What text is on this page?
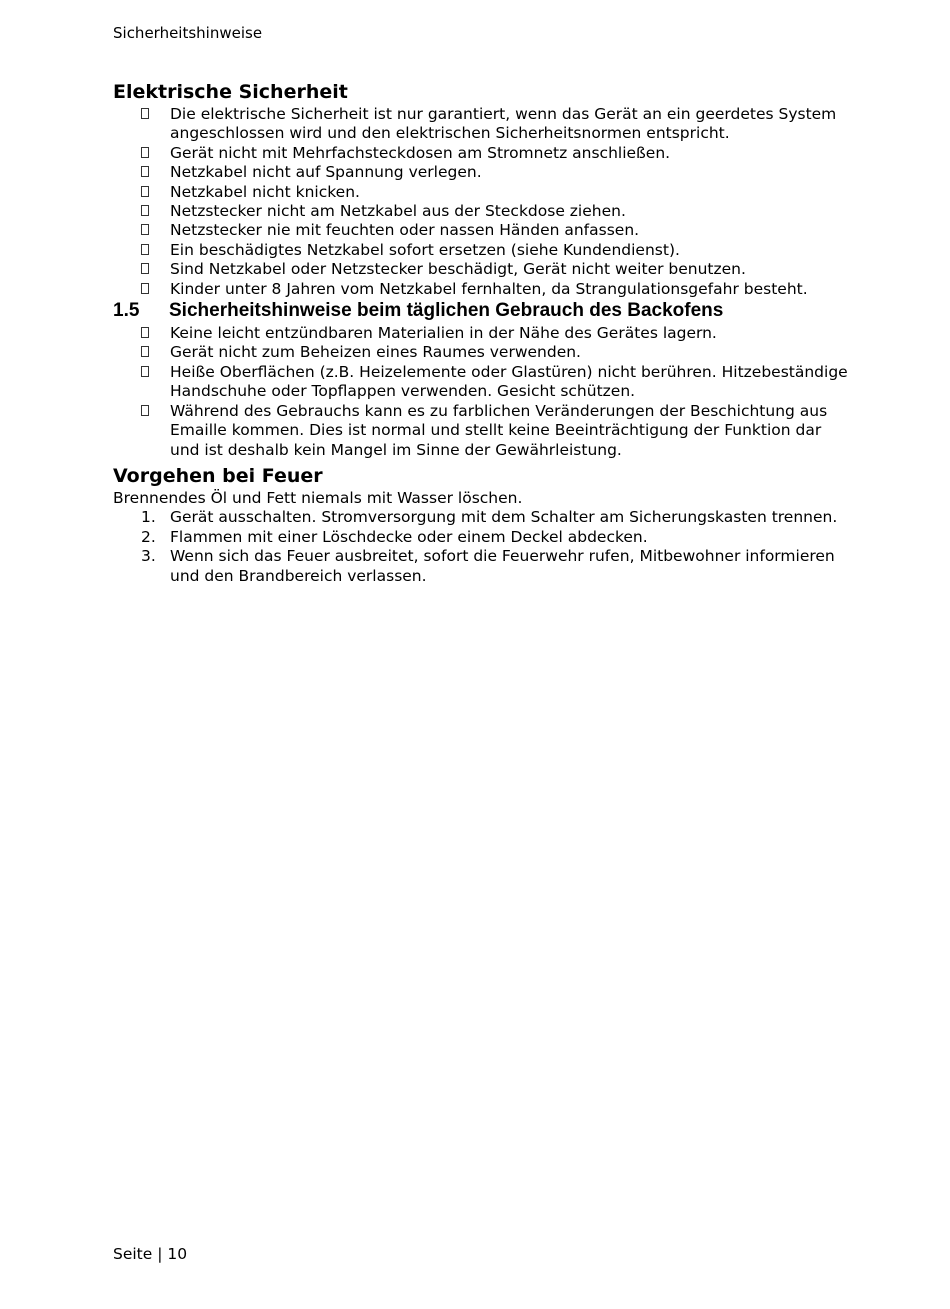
Sicherheitshinweise
Elektrische Sicherheit
Die elektrische Sicherheit ist nur garantiert, wenn das Gerät an ein geerdetes System angeschlossen wird und den elektrischen Sicherheitsnormen entspricht.
Gerät nicht mit Mehrfachsteckdosen am Stromnetz anschließen.
Netzkabel nicht auf Spannung verlegen.
Netzkabel nicht knicken.
Netzstecker nicht am Netzkabel aus der Steckdose ziehen.
Netzstecker nie mit feuchten oder nassen Händen anfassen.
Ein beschädigtes Netzkabel sofort ersetzen (siehe Kundendienst).
Sind Netzkabel oder Netzstecker beschädigt, Gerät nicht weiter benutzen.
Kinder unter 8 Jahren vom Netzkabel fernhalten, da Strangulationsgefahr besteht.
1.5	Sicherheitshinweise beim täglichen Gebrauch des Backofens
Keine leicht entzündbaren Materialien in der Nähe des Gerätes lagern.
Gerät nicht zum Beheizen eines Raumes verwenden.
Heiße Oberflächen (z.B. Heizelemente oder Glastüren) nicht berühren. Hitzebeständige Handschuhe oder Topflappen verwenden. Gesicht schützen.
Während des Gebrauchs kann es zu farblichen Veränderungen der Beschichtung aus Emaille kommen. Dies ist normal und stellt keine Beeinträchtigung der Funktion dar und ist deshalb kein Mangel im Sinne der Gewährleistung.
Vorgehen bei Feuer

Brennendes Öl und Fett niemals mit Wasser löschen.

1. Gerät ausschalten. Stromversorgung mit dem Schalter am Sicherungskasten trennen.
2. Flammen mit einer Löschdecke oder einem Deckel abdecken.
3. Wenn sich das Feuer ausbreitet, sofort die Feuerwehr rufen, Mitbewohner informieren und den Brandbereich verlassen.
Seite | 10
